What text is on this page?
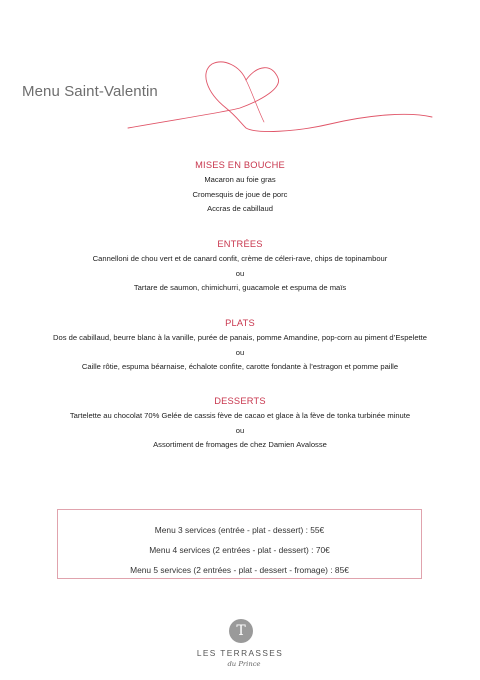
Menu Saint-Valentin
MISES EN BOUCHE
Macaron au foie gras
Cromesquis de joue de porc
Accras de cabillaud
ENTRÉES
Cannelloni de chou vert et de canard confit, crème de céleri-rave, chips de topinambour
ou
Tartare de saumon, chimichurri, guacamole et espuma de maïs
PLATS
Dos de cabillaud, beurre blanc à la vanille, purée de panais, pomme Amandine, pop-corn au piment d’Espelette
ou
Caille rôtie, espuma béarnaise, échalote confite, carotte fondante à l’estragon et pomme paille
DESSERTS
Tartelette au chocolat 70% Gelée de cassis fève de cacao et glace à la fève de tonka turbinée minute
ou
Assortiment de fromages de chez Damien Avalosse
Menu 3 services (entrée - plat - dessert) : 55€
Menu 4 services (2 entrées - plat - dessert) : 70€
Menu 5 services (2 entrées - plat - dessert - fromage) : 85€
T
LES TERRASSES
du Prince
